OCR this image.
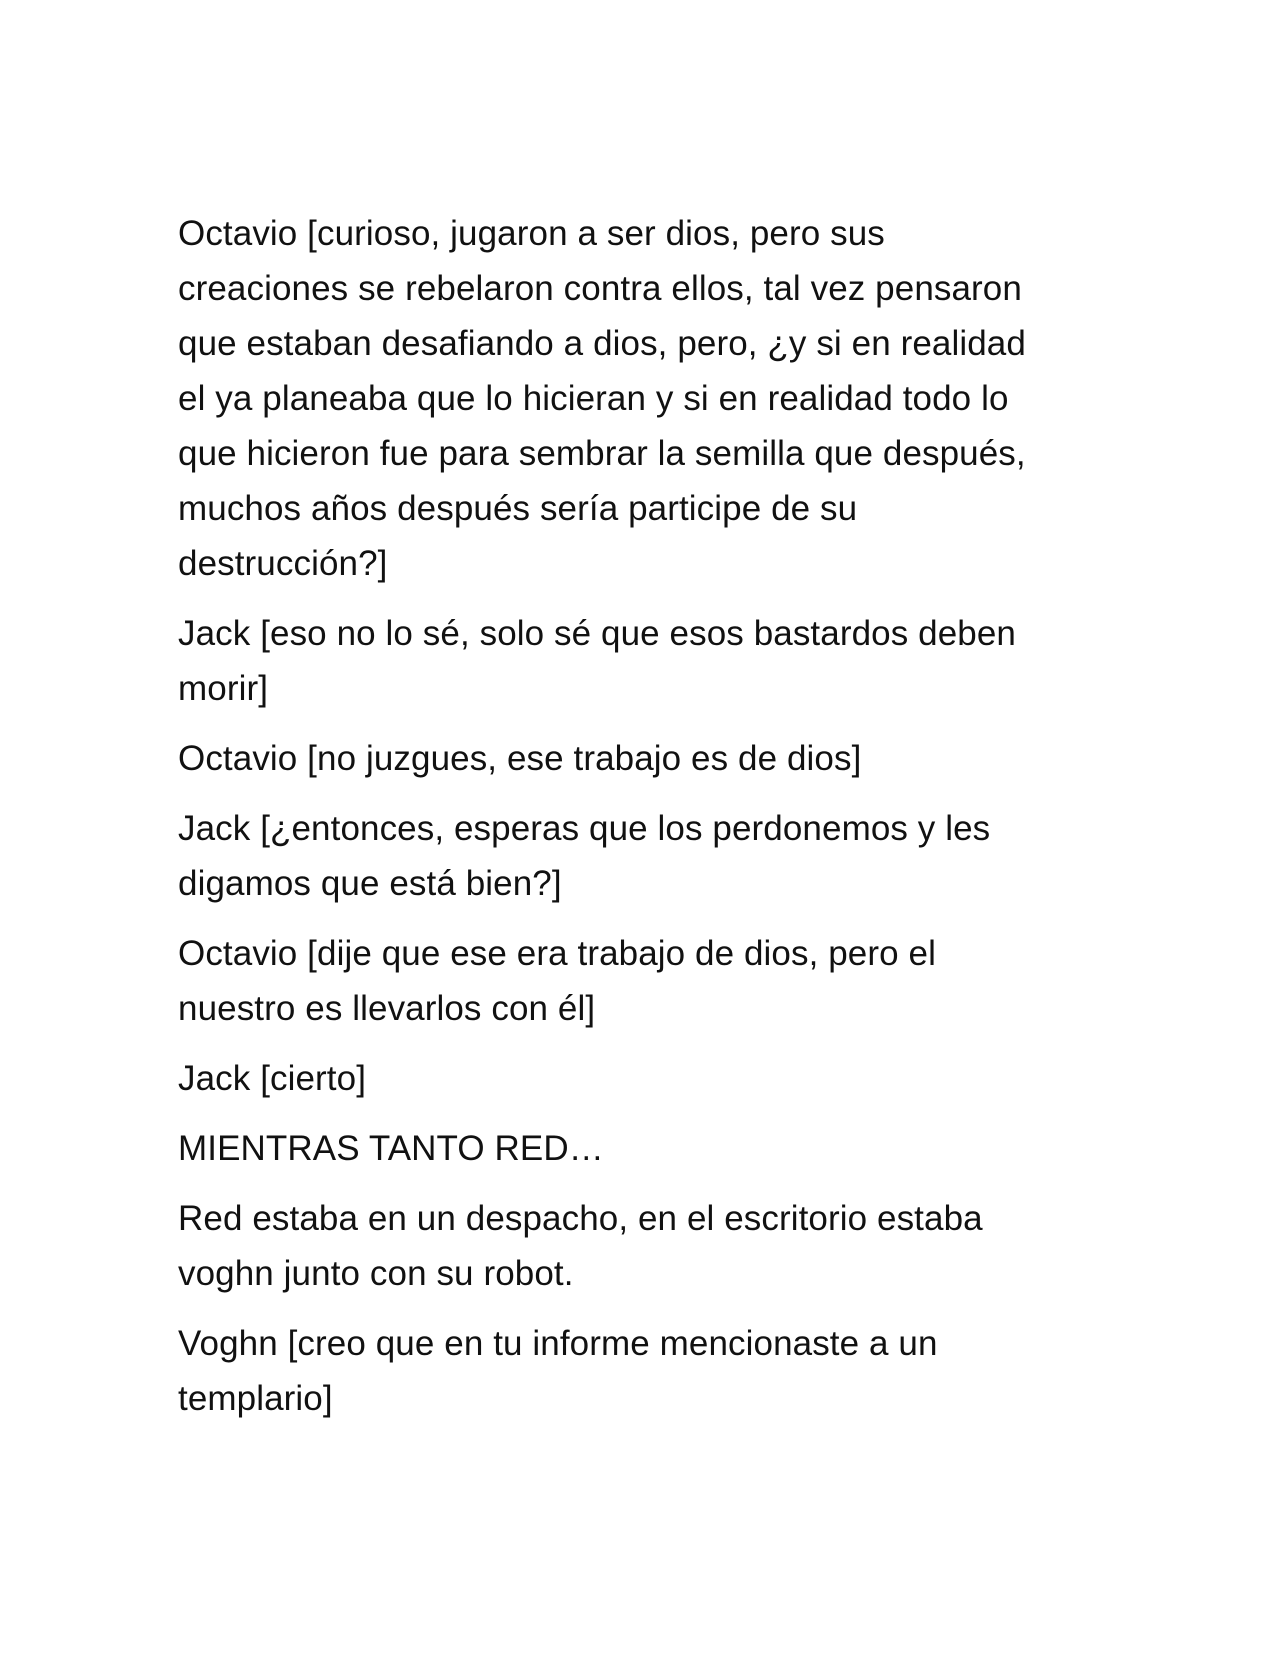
Octavio [curioso, jugaron a ser dios, pero sus
creaciones se rebelaron contra ellos, tal vez pensaron
que estaban desafiando a dios, pero, ¿y si en realidad
el ya planeaba que lo hicieran y si en realidad todo lo
que hicieron fue para sembrar la semilla que después,
muchos años después sería participe de su
destrucción?]

Jack [eso no lo sé, solo sé que esos bastardos deben
morir]

Octavio [no juzgues, ese trabajo es de dios]

Jack [¿entonces, esperas que los perdonemos y les
digamos que está bien?]

Octavio [dije que ese era trabajo de dios, pero el
nuestro es llevarlos con él]

Jack [cierto]

MIENTRAS TANTO RED…

Red estaba en un despacho, en el escritorio estaba
voghn junto con su robot.

Voghn [creo que en tu informe mencionaste a un
templario]
